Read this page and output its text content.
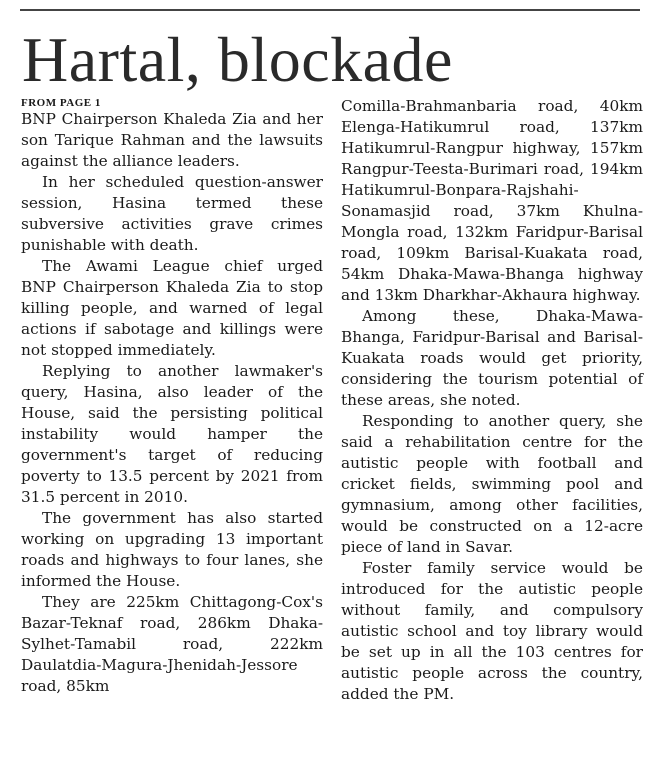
Hartal, blockade
FROM PAGE 1

BNP Chairperson Khaleda Zia and her son Tarique Rahman and the lawsuits against the alliance leaders.

In her scheduled question-answer session, Hasina termed these subversive activities grave crimes punishable with death.

The Awami League chief urged BNP Chairperson Khaleda Zia to stop killing people, and warned of legal actions if sabotage and killings were not stopped immediately.

Replying to another lawmaker's query, Hasina, also leader of the House, said the persisting political instability would hamper the government's target of reducing poverty to 13.5 percent by 2021 from 31.5 percent in 2010.

The government has also started working on upgrading 13 important roads and highways to four lanes, she informed the House.

They are 225km Chittagong-Cox's Bazar-Teknaf road, 286km Dhaka-Sylhet-Tamabil road, 222km Daulatdia-Magura-Jhenidah-Jessore road, 85km

Comilla-Brahmanbaria road, 40km Elenga-Hatikumrul road, 137km Hatikumrul-Rangpur highway, 157km Rangpur-Teesta-Burimari road, 194km Hatikumrul-Bonpara-Rajshahi-Sonamasjid road, 37km Khulna-Mongla road, 132km Faridpur-Barisal road, 109km Barisal-Kuakata road, 54km Dhaka-Mawa-Bhanga highway and 13km Dharkhar-Akhaura highway.

Among these, Dhaka-Mawa-Bhanga, Faridpur-Barisal and Barisal-Kuakata roads would get priority, considering the tourism potential of these areas, she noted.

Responding to another query, she said a rehabilitation centre for the autistic people with football and cricket fields, swimming pool and gymnasium, among other facilities, would be constructed on a 12-acre piece of land in Savar.

Foster family service would be introduced for the autistic people without family, and compulsory autistic school and toy library would be set up in all the 103 centres for autistic people across the country, added the PM.
